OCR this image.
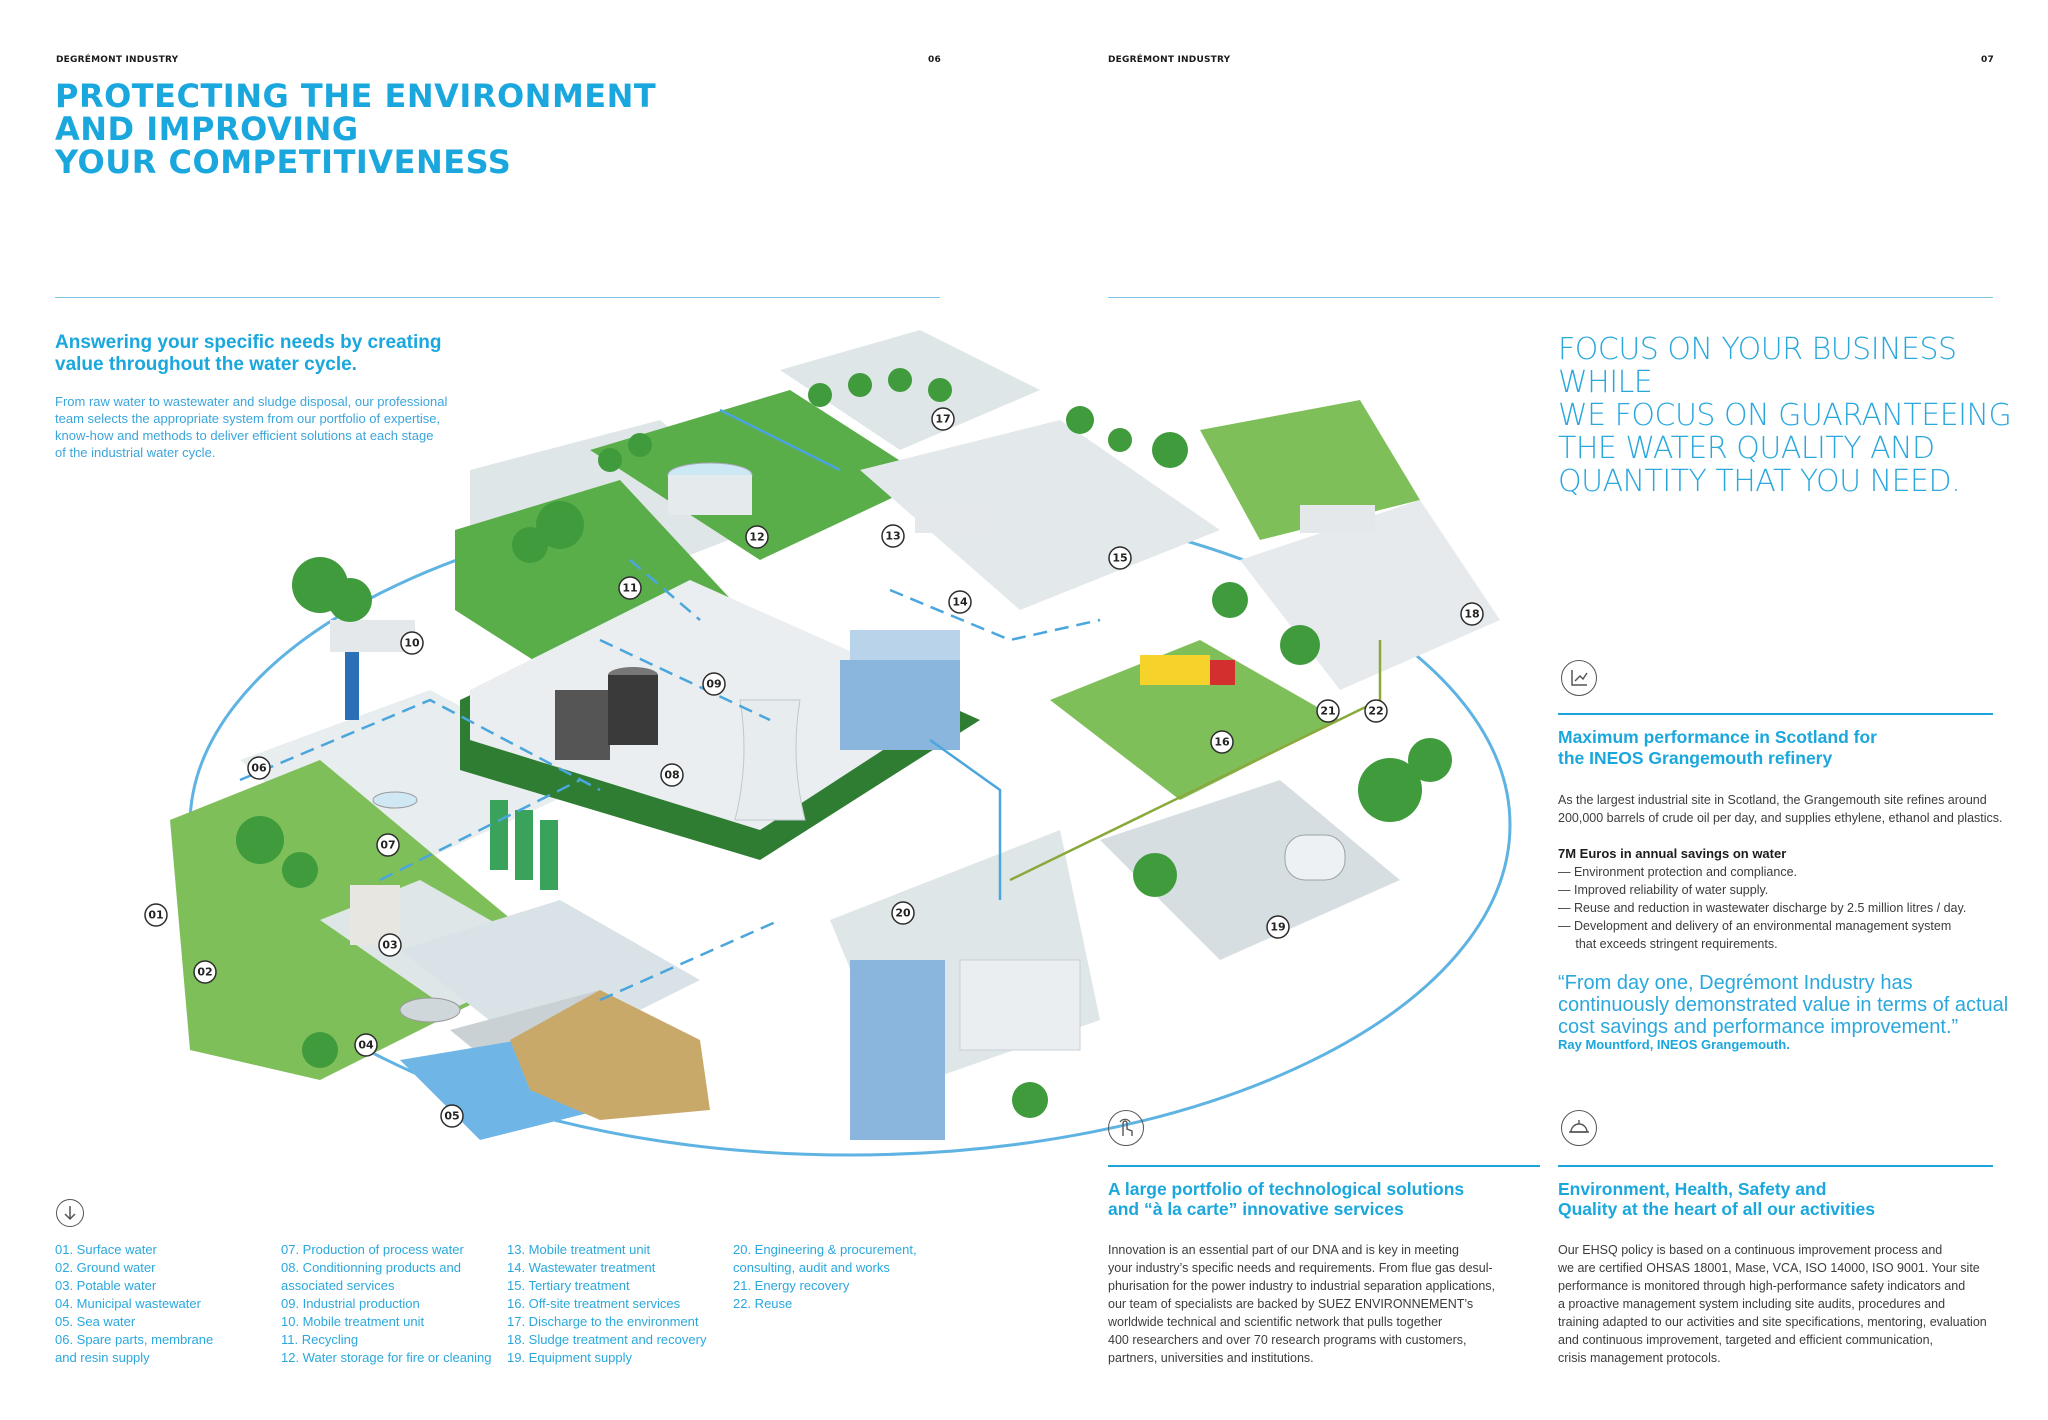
DEGRÉMONT INDUSTRY	06	DEGRÉMONT INDUSTRY	07
PROTECTING THE ENVIRONMENT
AND IMPROVING
YOUR COMPETITIVENESS
Answering your specific needs by creating
value throughout the water cycle.
From raw water to wastewater and sludge disposal, our professional
team selects the appropriate system from our portfolio of expertise,
know-how and methods to deliver efficient solutions at each stage
of the industrial water cycle.
FOCUS ON YOUR BUSINESS WHILE
WE FOCUS ON GUARANTEEING
THE WATER QUALITY AND
QUANTITY THAT YOU NEED.
01
02
03
04
05
06
07
08
09
10
11
12	13
14
15
16
17
18
19
20
21	22
Maximum performance in Scotland for
the INEOS Grangemouth refinery
As the largest industrial site in Scotland, the Grangemouth site refines around
200,000 barrels of crude oil per day, and supplies ethylene, ethanol and plastics.
7M Euros in annual savings on water
— Environment protection and compliance.
— Improved reliability of water supply.
— Reuse and reduction in wastewater discharge by 2.5 million litres / day.
— Development and delivery of an environmental management system
that exceeds stringent requirements.
“From day one, Degrémont Industry has
continuously demonstrated value in terms of actual
cost savings and performance improvement.”
Ray Mountford, INEOS Grangemouth.
01. Surface water
02. Ground water
03. Potable water
04. Municipal wastewater
05. Sea water
06. Spare parts, membrane
and resin supply
07. Production of process water
08. Conditionning products and
associated services
09. Industrial production
10. Mobile treatment unit
11. Recycling
12. Water storage for fire or cleaning
13. Mobile treatment unit
14. Wastewater treatment
15. Tertiary treatment
16. Off-site treatment services
17. Discharge to the environment
18. Sludge treatment and recovery
19. Equipment supply
20. Engineering & procurement,
consulting, audit and works
21. Energy recovery
22. Reuse
A large portfolio of technological solutions
and “à la carte” innovative services
Innovation is an essential part of our DNA and is key in meeting
your industry’s specific needs and requirements. From flue gas desul-
phurisation for the power industry to industrial separation applications,
our team of specialists are backed by SUEZ ENVIRONNEMENT’s
worldwide technical and scientific network that pulls together
400 researchers and over 70 research programs with customers,
partners, universities and institutions.
Environment, Health, Safety and
Quality at the heart of all our activities
Our EHSQ policy is based on a continuous improvement process and
we are certified OHSAS 18001, Mase, VCA, ISO 14000, ISO 9001. Your site
performance is monitored through high-performance safety indicators and
a proactive management system including site audits, procedures and
training adapted to our activities and site specifications, mentoring, evaluation
and continuous improvement, targeted and efficient communication,
crisis management protocols.
